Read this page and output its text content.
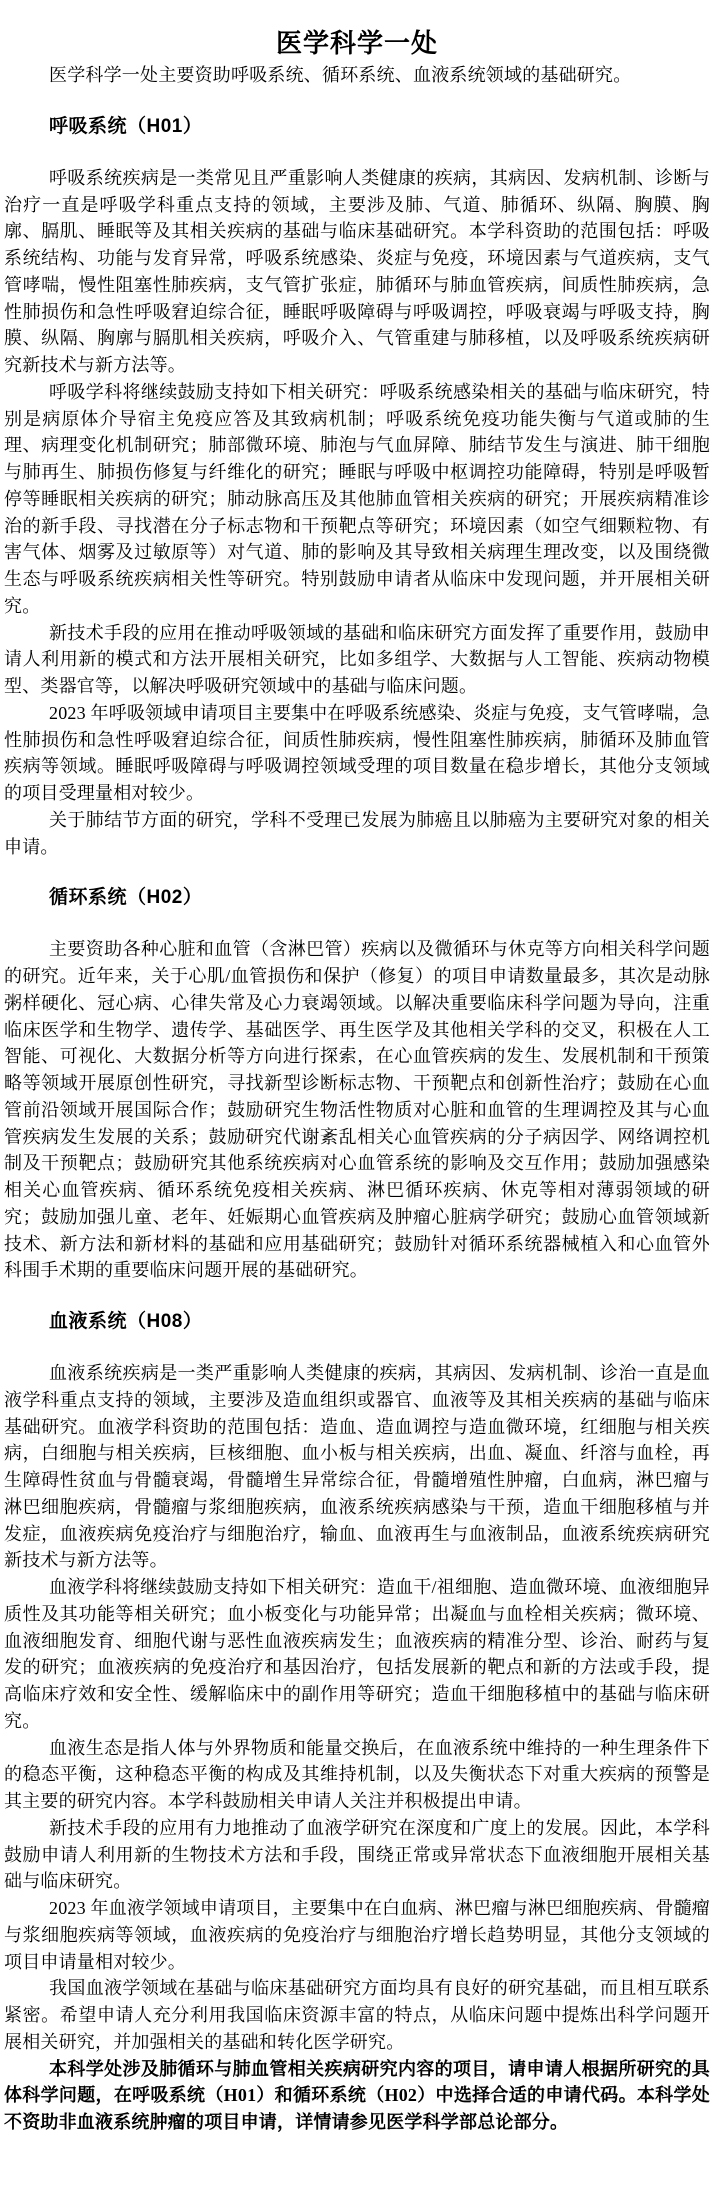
医学科学一处

医学科学一处主要资助呼吸系统、循环系统、血液系统领域的基础研究。

呼吸系统（H01）

呼吸系统疾病是一类常见且严重影响人类健康的疾病，其病因、发病机制、诊断与治疗一直是呼吸学科重点支持的领域，主要涉及肺、气道、肺循环、纵隔、胸膜、胸廓、膈肌、睡眠等及其相关疾病的基础与临床基础研究。本学科资助的范围包括：呼吸系统结构、功能与发育异常，呼吸系统感染、炎症与免疫，环境因素与气道疾病，支气管哮喘，慢性阻塞性肺疾病，支气管扩张症，肺循环与肺血管疾病，间质性肺疾病，急性肺损伤和急性呼吸窘迫综合征，睡眠呼吸障碍与呼吸调控，呼吸衰竭与呼吸支持，胸膜、纵隔、胸廓与膈肌相关疾病，呼吸介入、气管重建与肺移植，以及呼吸系统疾病研究新技术与新方法等。

呼吸学科将继续鼓励支持如下相关研究：呼吸系统感染相关的基础与临床研究，特别是病原体介导宿主免疫应答及其致病机制；呼吸系统免疫功能失衡与气道或肺的生理、病理变化机制研究；肺部微环境、肺泡与气血屏障、肺结节发生与演进、肺干细胞与肺再生、肺损伤修复与纤维化的研究；睡眠与呼吸中枢调控功能障碍，特别是呼吸暂停等睡眠相关疾病的研究；肺动脉高压及其他肺血管相关疾病的研究；开展疾病精准诊治的新手段、寻找潜在分子标志物和干预靶点等研究；环境因素（如空气细颗粒物、有害气体、烟雾及过敏原等）对气道、肺的影响及其导致相关病理生理改变，以及围绕微生态与呼吸系统疾病相关性等研究。特别鼓励申请者从临床中发现问题，并开展相关研究。

新技术手段的应用在推动呼吸领域的基础和临床研究方面发挥了重要作用，鼓励申请人利用新的模式和方法开展相关研究，比如多组学、大数据与人工智能、疾病动物模型、类器官等，以解决呼吸研究领域中的基础与临床问题。

2023 年呼吸领域申请项目主要集中在呼吸系统感染、炎症与免疫，支气管哮喘，急性肺损伤和急性呼吸窘迫综合征，间质性肺疾病，慢性阻塞性肺疾病，肺循环及肺血管疾病等领域。睡眠呼吸障碍与呼吸调控领域受理的项目数量在稳步增长，其他分支领域的项目受理量相对较少。

关于肺结节方面的研究，学科不受理已发展为肺癌且以肺癌为主要研究对象的相关申请。

循环系统（H02）

主要资助各种心脏和血管（含淋巴管）疾病以及微循环与休克等方向相关科学问题的研究。近年来，关于心肌/血管损伤和保护（修复）的项目申请数量最多，其次是动脉粥样硬化、冠心病、心律失常及心力衰竭领域。以解决重要临床科学问题为导向，注重临床医学和生物学、遗传学、基础医学、再生医学及其他相关学科的交叉，积极在人工智能、可视化、大数据分析等方向进行探索，在心血管疾病的发生、发展机制和干预策略等领域开展原创性研究，寻找新型诊断标志物、干预靶点和创新性治疗；鼓励在心血管前沿领域开展国际合作；鼓励研究生物活性物质对心脏和血管的生理调控及其与心血管疾病发生发展的关系；鼓励研究代谢紊乱相关心血管疾病的分子病因学、网络调控机制及干预靶点；鼓励研究其他系统疾病对心血管系统的影响及交互作用；鼓励加强感染相关心血管疾病、循环系统免疫相关疾病、淋巴循环疾病、休克等相对薄弱领域的研究；鼓励加强儿童、老年、妊娠期心血管疾病及肿瘤心脏病学研究；鼓励心血管领域新技术、新方法和新材料的基础和应用基础研究；鼓励针对循环系统器械植入和心血管外科围手术期的重要临床问题开展的基础研究。

血液系统（H08）

血液系统疾病是一类严重影响人类健康的疾病，其病因、发病机制、诊治一直是血液学科重点支持的领域，主要涉及造血组织或器官、血液等及其相关疾病的基础与临床基础研究。血液学科资助的范围包括：造血、造血调控与造血微环境，红细胞与相关疾病，白细胞与相关疾病，巨核细胞、血小板与相关疾病，出血、凝血、纤溶与血栓，再生障碍性贫血与骨髓衰竭，骨髓增生异常综合征，骨髓增殖性肿瘤，白血病，淋巴瘤与淋巴细胞疾病，骨髓瘤与浆细胞疾病，血液系统疾病感染与干预，造血干细胞移植与并发症，血液疾病免疫治疗与细胞治疗，输血、血液再生与血液制品，血液系统疾病研究新技术与新方法等。

血液学科将继续鼓励支持如下相关研究：造血干/祖细胞、造血微环境、血液细胞异质性及其功能等相关研究；血小板变化与功能异常；出凝血与血栓相关疾病；微环境、血液细胞发育、细胞代谢与恶性血液疾病发生；血液疾病的精准分型、诊治、耐药与复发的研究；血液疾病的免疫治疗和基因治疗，包括发展新的靶点和新的方法或手段，提高临床疗效和安全性、缓解临床中的副作用等研究；造血干细胞移植中的基础与临床研究。

血液生态是指人体与外界物质和能量交换后，在血液系统中维持的一种生理条件下的稳态平衡，这种稳态平衡的构成及其维持机制，以及失衡状态下对重大疾病的预警是其主要的研究内容。本学科鼓励相关申请人关注并积极提出申请。

新技术手段的应用有力地推动了血液学研究在深度和广度上的发展。因此，本学科鼓励申请人利用新的生物技术方法和手段，围绕正常或异常状态下血液细胞开展相关基础与临床研究。

2023 年血液学领域申请项目，主要集中在白血病、淋巴瘤与淋巴细胞疾病、骨髓瘤与浆细胞疾病等领域，血液疾病的免疫治疗与细胞治疗增长趋势明显，其他分支领域的项目申请量相对较少。

我国血液学领域在基础与临床基础研究方面均具有良好的研究基础，而且相互联系紧密。希望申请人充分利用我国临床资源丰富的特点，从临床问题中提炼出科学问题开展相关研究，并加强相关的基础和转化医学研究。

本科学处涉及肺循环与肺血管相关疾病研究内容的项目，请申请人根据所研究的具体科学问题，在呼吸系统（H01）和循环系统（H02）中选择合适的申请代码。本科学处不资助非血液系统肿瘤的项目申请，详情请参见医学科学部总论部分。
